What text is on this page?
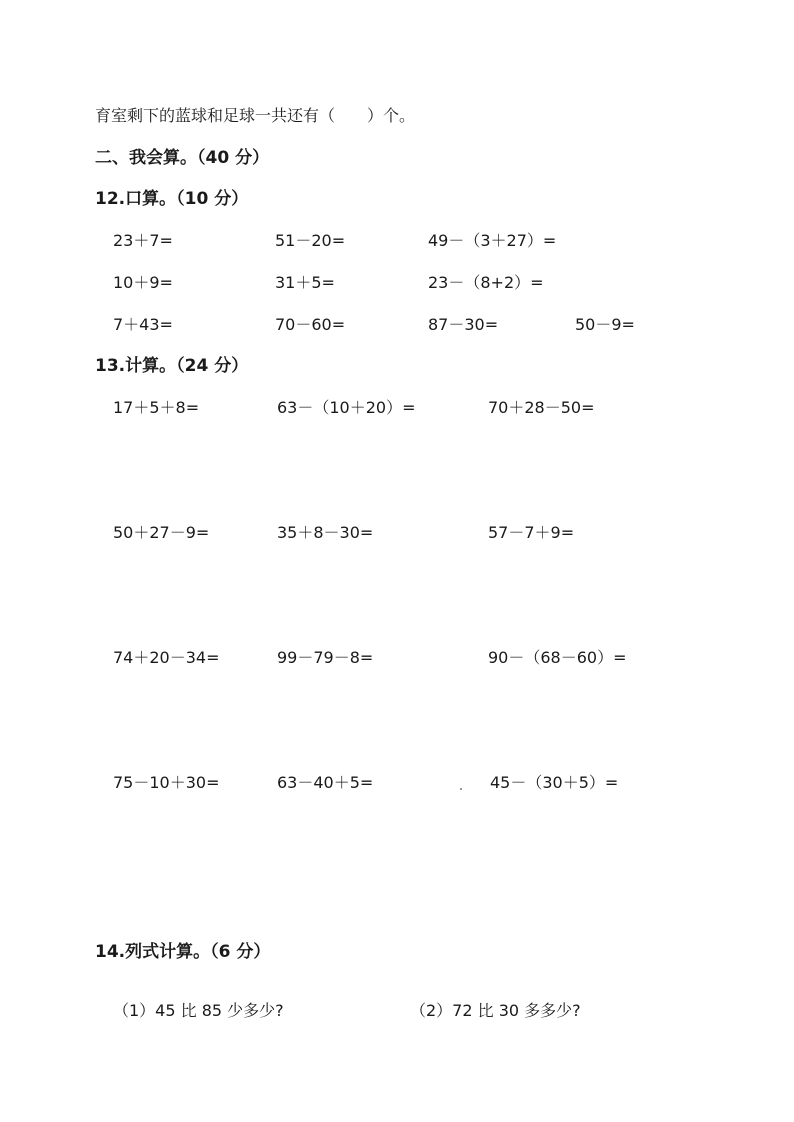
育室剩下的蓝球和足球一共还有（　　）个。
二、我会算。（40 分）
12.口算。（10 分）
23＋7=	51－20=	49－（3＋27）=
10＋9=	31＋5=	23－（8+2）=
7＋43=	70－60=	87－30=	50－9=
13.计算。（24 分）
17＋5＋8=	63－（10＋20）=	70＋28－50=
50＋27－9=	35＋8－30=	57－7＋9=
74＋20－34=	99－79－8=	90－（68－60）=
75－10＋30=	63－40＋5=	45－（30＋5）=
14.列式计算。（6 分）
（1）45 比 85 少多少?	（2）72 比 30 多多少?
